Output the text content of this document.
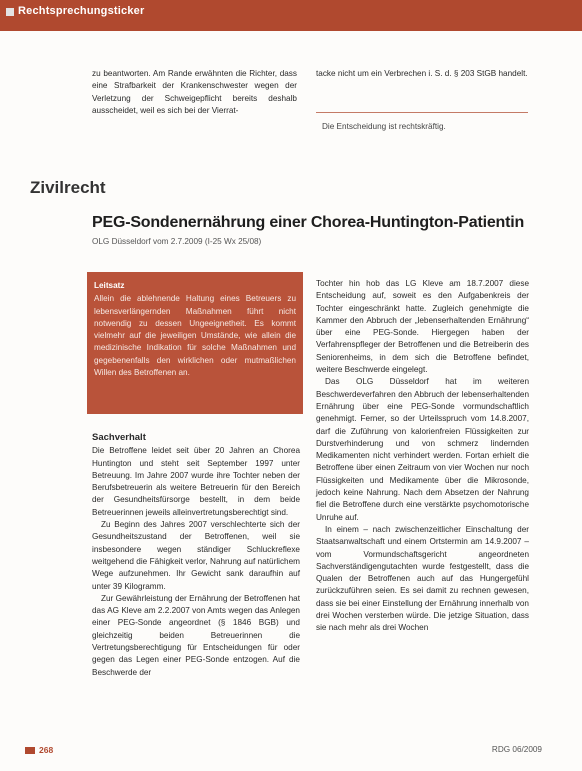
Rechtsprechungsticker

zu beantworten. Am Rande erwähnten die Richter, dass eine Strafbarkeit der Krankenschwester wegen der Verletzung der Schweigepflicht bereits deshalb ausscheidet, weil es sich bei der Vierrat-

tacke nicht um ein Verbrechen i. S. d. § 203 StGB handelt.

Die Entscheidung ist rechtskräftig.
Zivilrecht
PEG-Sondenernährung einer Chorea-Huntington-Patientin
OLG Düsseldorf vom 2.7.2009 (I-25 Wx 25/08)
Leitsatz
Allein die ablehnende Haltung eines Betreuers zu lebensverlängernden Maßnahmen führt nicht notwendig zu dessen Ungeeignetheit. Es kommt vielmehr auf die jeweiligen Umstände, wie allein die medizinische Indikation für solche Maßnahmen und gegebenenfalls den wirklichen oder mutmaßlichen Willen des Betroffenen an.
Sachverhalt

Die Betroffene leidet seit über 20 Jahren an Chorea Huntington und steht seit September 1997 unter Betreuung. Im Jahre 2007 wurde ihre Tochter neben der Berufsbetreuerin als weitere Betreuerin für den Bereich der Gesundheitsfürsorge bestellt, in dem beide Betreuerinnen jeweils alleinvertretungsberechtigt sind.

Zu Beginn des Jahres 2007 verschlechterte sich der Gesundheitszustand der Betroffenen, weil sie insbesondere wegen ständiger Schluckreflexe weitgehend die Fähigkeit verlor, Nahrung auf natürlichem Wege aufzunehmen. Ihr Gewicht sank daraufhin auf unter 39 Kilogramm.

Zur Gewährleistung der Ernährung der Betroffenen hat das AG Kleve am 2.2.2007 von Amts wegen das Anlegen einer PEG-Sonde angeordnet (§ 1846 BGB) und gleichzeitig beiden Betreuerinnen die Vertretungsberechtigung für Entscheidungen für oder gegen das Legen einer PEG-Sonde entzogen. Auf die Beschwerde der

Tochter hin hob das LG Kleve am 18.7.2007 diese Entscheidung auf, soweit es den Aufgabenkreis der Tochter eingeschränkt hatte. Zugleich genehmigte die Kammer den Abbruch der „lebenserhaltenden Ernährung“ über eine PEG-Sonde. Hiergegen haben der Verfahrenspfleger der Betroffenen und die Betreiberin des Seniorenheims, in dem sich die Betroffene befindet, weitere Beschwerde eingelegt.

Das OLG Düsseldorf hat im weiteren Beschwerdeverfahren den Abbruch der lebenserhaltenden Ernährung über eine PEG-Sonde vormundschaftlich genehmigt. Ferner, so der Urteilsspruch vom 14.8.2007, darf die Zuführung von kalorienfreien Flüssigkeiten zur Durstverhinderung und von schmerz lindernden Medikamenten nicht verhindert werden. Fortan erhielt die Betroffene über einen Zeitraum von vier Wochen nur noch Flüssigkeiten und Medikamente über die Mikrosonde, jedoch keine Nahrung. Nach dem Absetzen der Nahrung fiel die Betroffene durch eine verstärkte psychomotorische Unruhe auf.

In einem – nach zwischenzeitlicher Einschaltung der Staatsanwaltschaft und einem Ortstermin am 14.9.2007 – vom Vormundschaftsgericht angeordneten Sachverständigengutachten wurde festgestellt, dass die Qualen der Betroffenen auch auf das Hungergefühl zurückzuführen seien. Es sei damit zu rechnen gewesen, dass sie bei einer Einstellung der Ernährung innerhalb von drei Wochen versterben würde. Die jetzige Situation, dass sie nach mehr als drei Wochen

268	RDG 06/2009
